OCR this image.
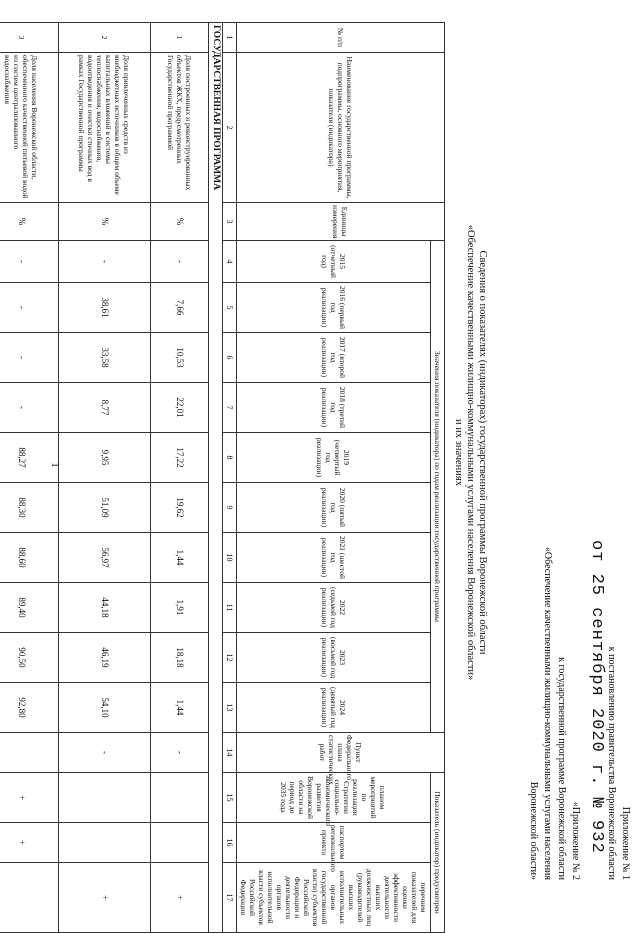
1
Приложение № 1
к постановлению правительства Воронежской области
«Приложение № 2
к государственной программе Воронежской области
«Обеспечение качественными жилищно-коммунальными услугами населения
Воронежской области»	от 25 сентября 2020 г. № 932
Сведения о показателях (индикаторах) государственной программы Воронежской области
«Обеспечение качественными жилищно-коммунальными услугами населения Воронежской области»
и их значениях
№ п/п	Наименование государственной программы, подпрограммы, основного мероприятия, показателя (индикатора)	Единицы измерения	Значения показателя (индикатора) по годам реализации государственной программы										Пункт Федерального плана статистических работ	Показатель (индикатор) предусмотрен		
			2015 (отчетный год)	2016 (первый год реализации)	2017 (второй год реализации)	2018 (третий год реализации)	2019 (четвертый год реализации)	2020 (пятый год реализации)	2021 (шестой год реализации)	2022 (седьмой год реализации)	2023 (восьмой год реализации)	2024 (девятый год реализации)		планом мероприятий по реализации Стратегии социально-экономического развития Воронежской области на период до 2035 года	паспортом регионального проекта	перечнем показателей для оценки эффективности деятельности высших должностных лиц (руководителей высших исполнительных органов государственной власти) субъектов Российской Федерации и деятельности органов исполнительной власти субъектов Российской Федерации
1	2	3	4	5	6	7	8	9	10	11	12	13	14	15	16	17
ГОСУДАРСТВЕННАЯ ПРОГРАММА																
1	Доля построенных и реконструированных объектов ЖКХ, предусмотренных Государственной программой	%	-	7,66	10,53	22,01	17,22	19,62	1,44	1,91	18,18	1,44	-			+
2	Доля привлеченных средств из внебюджетных источников в общем объеме капитальных вложений в системы теплоснабжения, водоснабжения, водоотведения и очистки сточных вод в рамках Государственной программы	%	-	38,61	33,58	8,77	9,95	51,09	56,97	44,18	46,19	54,10	-			+
3	Доля населения Воронежской области, обеспеченного качественной питьевой водой из систем централизованного водоснабжения	%	-	-	-	-	88,27	88,30	88,60	89,40	90,50	92,80		+	+	
